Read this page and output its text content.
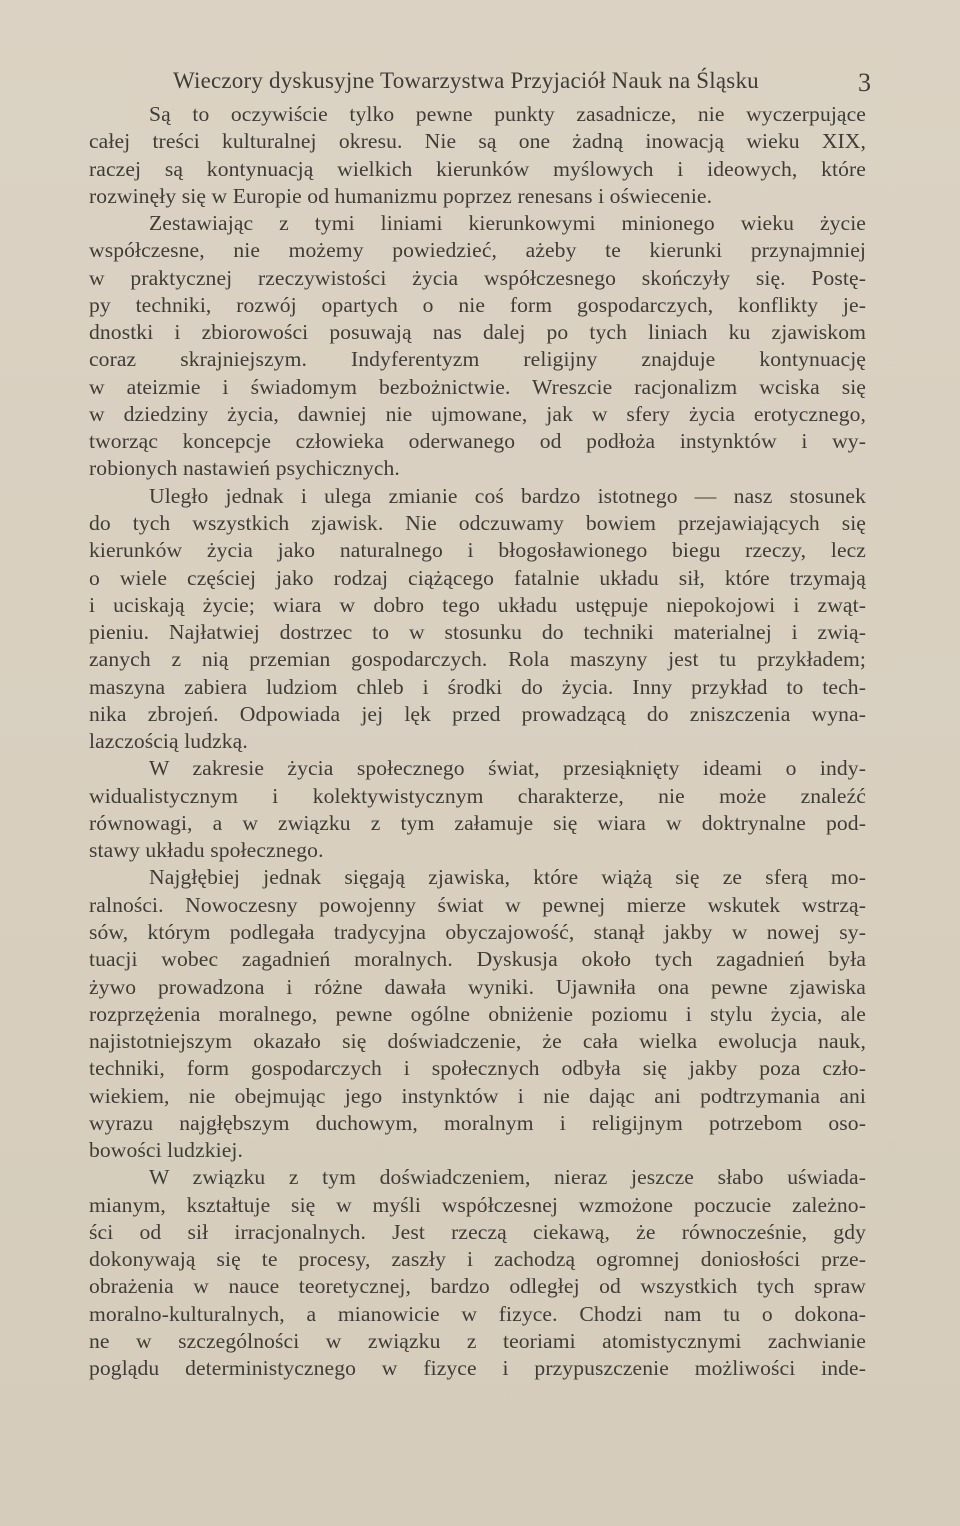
Wieczory dyskusyjne Towarzystwa Przyjaciół Nauk na Śląsku	3
Są to oczywiście tylko pewne punkty zasadnicze, nie wyczerpujące
całej treści kulturalnej okresu. Nie są one żadną inowacją wieku XIX,
raczej są kontynuacją wielkich kierunków myślowych i ideowych, które
rozwinęły się w Europie od humanizmu poprzez renesans i oświecenie.
Zestawiając z tymi liniami kierunkowymi minionego wieku życie
współczesne, nie możemy powiedzieć, ażeby te kierunki przynajmniej
w praktycznej rzeczywistości życia współczesnego skończyły się. Postę-
py techniki, rozwój opartych o nie form gospodarczych, konflikty je-
dnostki i zbiorowości posuwają nas dalej po tych liniach ku zjawiskom
coraz skrajniejszym. Indyferentyzm religijny znajduje kontynuację
w ateizmie i świadomym bezbożnictwie. Wreszcie racjonalizm wciska się
w dziedziny życia, dawniej nie ujmowane, jak w sfery życia erotycznego,
tworząc koncepcje człowieka oderwanego od podłoża instynktów i wy-
robionych nastawień psychicznych.
Uległo jednak i ulega zmianie coś bardzo istotnego — nasz stosunek
do tych wszystkich zjawisk. Nie odczuwamy bowiem przejawiających się
kierunków życia jako naturalnego i błogosławionego biegu rzeczy, lecz
o wiele częściej jako rodzaj ciążącego fatalnie układu sił, które trzymają
i uciskają życie; wiara w dobro tego układu ustępuje niepokojowi i zwąt-
pieniu. Najłatwiej dostrzec to w stosunku do techniki materialnej i zwią-
zanych z nią przemian gospodarczych. Rola maszyny jest tu przykładem;
maszyna zabiera ludziom chleb i środki do życia. Inny przykład to tech-
nika zbrojeń. Odpowiada jej lęk przed prowadzącą do zniszczenia wyna-
lazczością ludzką.
W zakresie życia społecznego świat, przesiąknięty ideami o indy-
widualistycznym i kolektywistycznym charakterze, nie może znaleźć
równowagi, a w związku z tym załamuje się wiara w doktrynalne pod-
stawy układu społecznego.
Najgłębiej jednak sięgają zjawiska, które wiążą się ze sferą mo-
ralności. Nowoczesny powojenny świat w pewnej mierze wskutek wstrzą-
sów, którym podlegała tradycyjna obyczajowość, stanął jakby w nowej sy-
tuacji wobec zagadnień moralnych. Dyskusja około tych zagadnień była
żywo prowadzona i różne dawała wyniki. Ujawniła ona pewne zjawiska
rozprzężenia moralnego, pewne ogólne obniżenie poziomu i stylu życia, ale
najistotniejszym okazało się doświadczenie, że cała wielka ewolucja nauk,
techniki, form gospodarczych i społecznych odbyła się jakby poza czło-
wiekiem, nie obejmując jego instynktów i nie dając ani podtrzymania ani
wyrazu najgłębszym duchowym, moralnym i religijnym potrzebom oso-
bowości ludzkiej.
W związku z tym doświadczeniem, nieraz jeszcze słabo uświada-
mianym, kształtuje się w myśli współczesnej wzmożone poczucie zależno-
ści od sił irracjonalnych. Jest rzeczą ciekawą, że równocześnie, gdy
dokonywają się te procesy, zaszły i zachodzą ogromnej doniosłości prze-
obrażenia w nauce teoretycznej, bardzo odległej od wszystkich tych spraw
moralno-kulturalnych, a mianowicie w fizyce. Chodzi nam tu o dokona-
ne w szczególności w związku z teoriami atomistycznymi zachwianie
poglądu deterministycznego w fizyce i przypuszczenie możliwości inde-
